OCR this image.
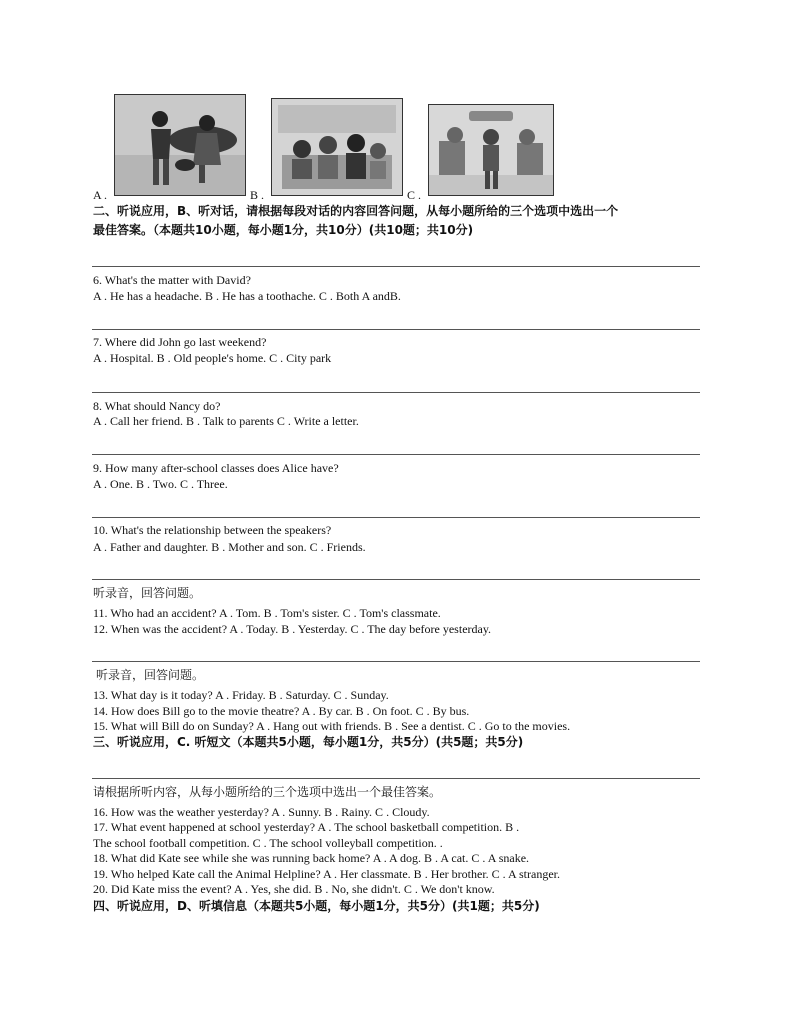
A .	B .	C .
二、听说应用，B、听对话，请根据每段对话的内容回答问题，从每小题所给的三个选项中选出一个
最佳答案。（本题共10小题，每小题1分，共10分）(共10题；共10分)
6. What's the matter with David?
A . He has a headache. B . He has a toothache. C . Both A andB.
7. Where did John go last weekend?
A . Hospital. B . Old people's home. C . City park
8. What should Nancy do?
A . Call her friend. B . Talk to parents C . Write a letter.
9. How many after-school classes does Alice have?
A . One. B . Two. C . Three.
10. What's the relationship between the speakers?
A . Father and daughter. B . Mother and son. C . Friends.
听录音，回答问题。
11. Who had an accident? A . Tom. B . Tom's sister. C . Tom's classmate.
12. When was the accident? A . Today. B . Yesterday. C . The day before yesterday.
听录音，回答问题。
13. What day is it today? A . Friday. B . Saturday. C . Sunday.
14. How does Bill go to the movie theatre? A . By car. B . On foot. C . By bus.
15. What will Bill do on Sunday? A . Hang out with friends. B . See a dentist. C . Go to the movies.
三、听说应用，C. 听短文（本题共5小题，每小题1分，共5分）(共5题；共5分)
请根据所听内容，从每小题所给的三个选项中选出一个最佳答案。
16. How was the weather yesterday? A . Sunny. B . Rainy. C . Cloudy.
17. What event happened at school yesterday? A . The school basketball competition. B .
The school football competition. C . The school volleyball competition. .
18. What did Kate see while she was running back home? A . A dog. B . A cat. C . A snake.
19. Who helped Kate call the Animal Helpline? A . Her classmate. B . Her brother. C . A stranger.
20. Did Kate miss the event? A . Yes, she did. B . No, she didn't. C . We don't know.
四、听说应用，D、听填信息（本题共5小题，每小题1分，共5分）(共1题；共5分)
